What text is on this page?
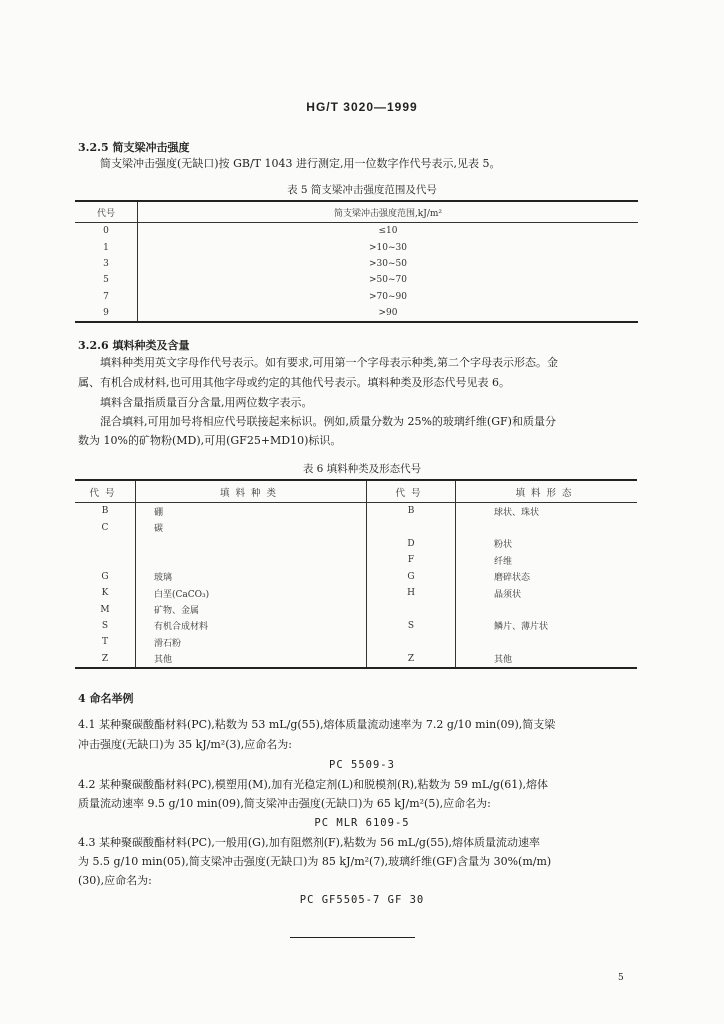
HG/T 3020—1999
3.2.5 简支梁冲击强度
简支梁冲击强度(无缺口)按 GB/T 1043 进行测定,用一位数字作代号表示,见表 5。
表 5 简支梁冲击强度范围及代号
代号	简支梁冲击强度范围,kJ/m²
0	≤10
1	>10~30
3	>30~50
5	>50~70
7	>70~90
9	>90
3.2.6 填料种类及含量
填料种类用英文字母作代号表示。如有要求,可用第一个字母表示种类,第二个字母表示形态。金
属、有机合成材料,也可用其他字母或约定的其他代号表示。填料种类及形态代号见表 6。
填料含量指质量百分含量,用两位数字表示。
混合填料,可用加号将相应代号联接起来标识。例如,质量分数为 25%的玻璃纤维(GF)和质量分
数为 10%的矿物粉(MD),可用(GF25+MD10)标识。
表 6 填料种类及形态代号
代号	填料种类	代号	填料形态
B	硼	B	球状、珠状
C	碳		
		D	粉状
		F	纤维
G	玻璃	G	磨碎状态
K	白垩(CaCO₃)	H	晶须状
M	矿物、金属		
S	有机合成材料	S	鳞片、薄片状
T	滑石粉		
Z	其他	Z	其他
4 命名举例
4.1 某种聚碳酸酯材料(PC),粘数为 53 mL/g(55),熔体质量流动速率为 7.2 g/10 min(09),简支梁
冲击强度(无缺口)为 35 kJ/m²(3),应命名为:
PC 5509-3
4.2 某种聚碳酸酯材料(PC),模塑用(M),加有光稳定剂(L)和脱模剂(R),粘数为 59 mL/g(61),熔体
质量流动速率 9.5 g/10 min(09),简支梁冲击强度(无缺口)为 65 kJ/m²(5),应命名为:
PC MLR 6109-5
4.3 某种聚碳酸酯材料(PC),一般用(G),加有阻燃剂(F),粘数为 56 mL/g(55),熔体质量流动速率
为 5.5 g/10 min(05),简支梁冲击强度(无缺口)为 85 kJ/m²(7),玻璃纤维(GF)含量为 30%(m/m)
(30),应命名为:
PC GF5505-7 GF 30
5
